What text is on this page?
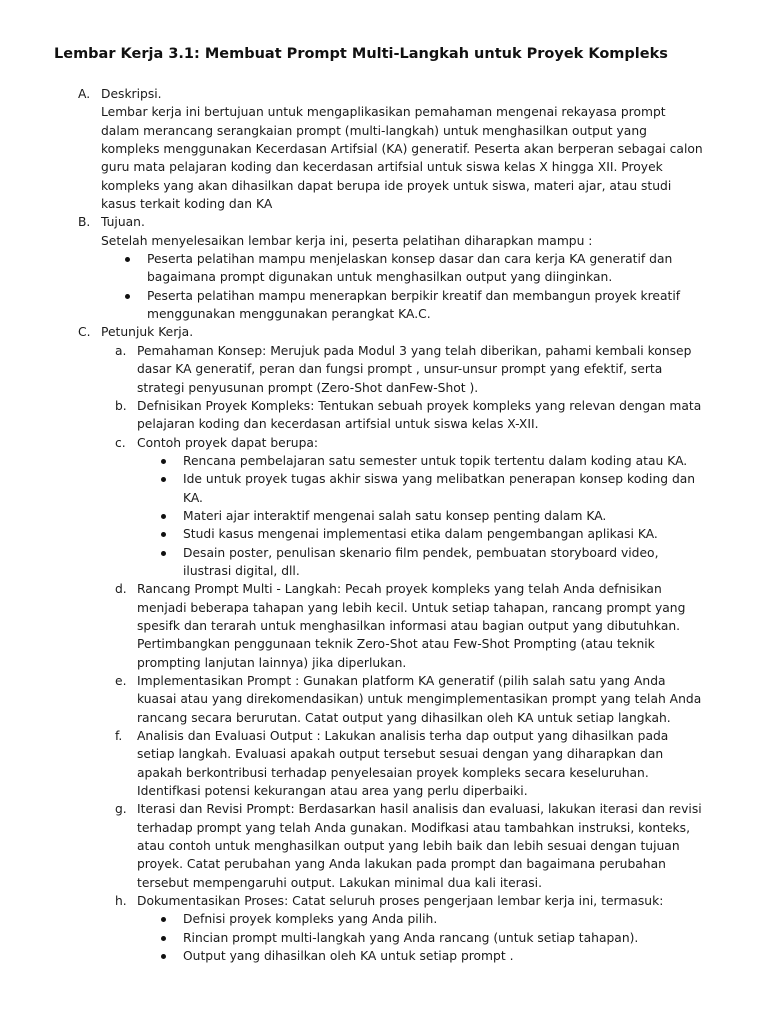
Lembar Kerja 3.1: Membuat Prompt Multi-Langkah untuk Proyek Kompleks
A. Deskripsi.
Lembar kerja ini bertujuan untuk mengaplikasikan pemahaman mengenai rekayasa prompt
dalam merancang serangkaian prompt (multi-langkah) untuk menghasilkan output yang
kompleks menggunakan Kecerdasan Artifsial (KA) generatif. Peserta akan berperan sebagai calon
guru mata pelajaran koding dan kecerdasan artifsial untuk siswa kelas X hingga XII. Proyek
kompleks yang akan dihasilkan dapat berupa ide proyek untuk siswa, materi ajar, atau studi
kasus terkait koding dan KA
B. Tujuan.
Setelah menyelesaikan lembar kerja ini, peserta pelatihan diharapkan mampu :
Peserta pelatihan mampu menjelaskan konsep dasar dan cara kerja KA generatif dan
bagaimana prompt digunakan untuk menghasilkan output yang diinginkan.
Peserta pelatihan mampu menerapkan berpikir kreatif dan membangun proyek kreatif
menggunakan menggunakan perangkat KA.C.
C. Petunjuk Kerja.
a. Pemahaman Konsep: Merujuk pada Modul 3 yang telah diberikan, pahami kembali konsep
dasar KA generatif, peran dan fungsi prompt , unsur-unsur prompt yang efektif, serta
strategi penyusunan prompt (Zero-Shot danFew-Shot ).
b. Defnisikan Proyek Kompleks: Tentukan sebuah proyek kompleks yang relevan dengan mata
pelajaran koding dan kecerdasan artifsial untuk siswa kelas X-XII.
c. Contoh proyek dapat berupa:
Rencana pembelajaran satu semester untuk topik tertentu dalam koding atau KA.
Ide untuk proyek tugas akhir siswa yang melibatkan penerapan konsep koding dan
KA.
Materi ajar interaktif mengenai salah satu konsep penting dalam KA.
Studi kasus mengenai implementasi etika dalam pengembangan aplikasi KA.
Desain poster, penulisan skenario film pendek, pembuatan storyboard video,
ilustrasi digital, dll.
d. Rancang Prompt Multi - Langkah: Pecah proyek kompleks yang telah Anda defnisikan
menjadi beberapa tahapan yang lebih kecil. Untuk setiap tahapan, rancang prompt yang
spesifk dan terarah untuk menghasilkan informasi atau bagian output yang dibutuhkan.
Pertimbangkan penggunaan teknik Zero-Shot atau Few-Shot Prompting (atau teknik
prompting lanjutan lainnya) jika diperlukan.
e. Implementasikan Prompt : Gunakan platform KA generatif (pilih salah satu yang Anda
kuasai atau yang direkomendasikan) untuk mengimplementasikan prompt yang telah Anda
rancang secara berurutan. Catat output yang dihasilkan oleh KA untuk setiap langkah.
f. Analisis dan Evaluasi Output : Lakukan analisis terha dap output yang dihasilkan pada
setiap langkah. Evaluasi apakah output tersebut sesuai dengan yang diharapkan dan
apakah berkontribusi terhadap penyelesaian proyek kompleks secara keseluruhan.
Identifkasi potensi kekurangan atau area yang perlu diperbaiki.
g. Iterasi dan Revisi Prompt: Berdasarkan hasil analisis dan evaluasi, lakukan iterasi dan revisi
terhadap prompt yang telah Anda gunakan. Modifkasi atau tambahkan instruksi, konteks,
atau contoh untuk menghasilkan output yang lebih baik dan lebih sesuai dengan tujuan
proyek. Catat perubahan yang Anda lakukan pada prompt dan bagaimana perubahan
tersebut mempengaruhi output. Lakukan minimal dua kali iterasi.
h. Dokumentasikan Proses: Catat seluruh proses pengerjaan lembar kerja ini, termasuk:
Defnisi proyek kompleks yang Anda pilih.
Rincian prompt multi-langkah yang Anda rancang (untuk setiap tahapan).
Output yang dihasilkan oleh KA untuk setiap prompt .
